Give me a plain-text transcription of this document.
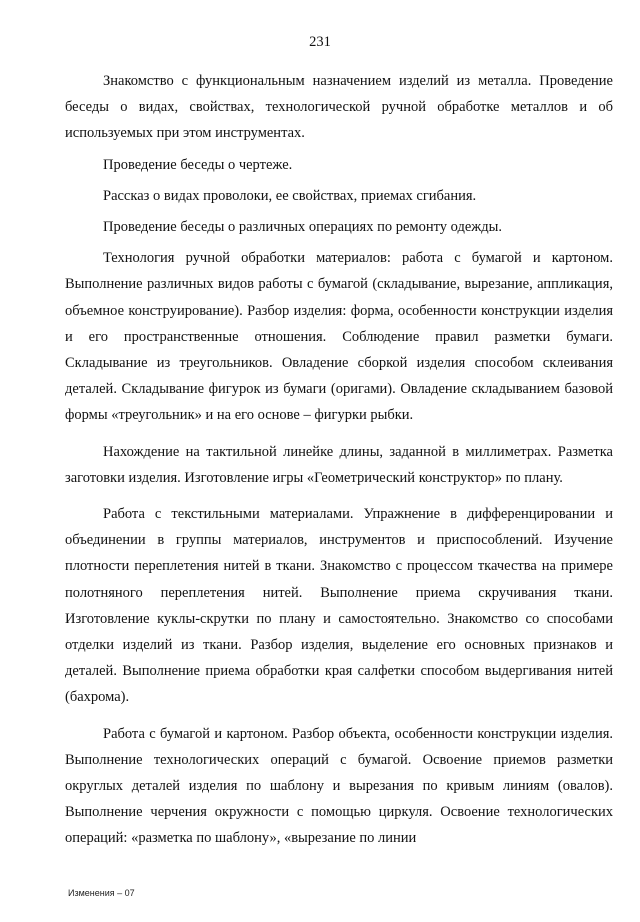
231

Знакомство с функциональным назначением изделий из металла. Проведение беседы о видах, свойствах, технологической ручной обработке металлов и об используемых при этом инструментах.

Проведение беседы о чертеже.

Рассказ о видах проволоки, ее свойствах, приемах сгибания.

Проведение беседы о различных операциях по ремонту одежды.

Технология ручной обработки материалов: работа с бумагой и картоном. Выполнение различных видов работы с бумагой (складывание, вырезание, аппликация, объемное конструирование). Разбор изделия: форма, особенности конструкции изделия и его пространственные отношения. Соблюдение правил разметки бумаги. Складывание из треугольников. Овладение сборкой изделия способом склеивания деталей. Складывание фигурок из бумаги (оригами). Овладение складыванием базовой формы «треугольник» и на его основе – фигурки рыбки.

Нахождение на тактильной линейке длины, заданной в миллиметрах. Разметка заготовки изделия. Изготовление игры «Геометрический конструктор» по плану.

Работа с текстильными материалами. Упражнение в дифференцировании и объединении в группы материалов, инструментов и приспособлений. Изучение плотности переплетения нитей в ткани. Знакомство с процессом ткачества на примере полотняного переплетения нитей. Выполнение приема скручивания ткани. Изготовление куклы-скрутки по плану и самостоятельно. Знакомство со способами отделки изделий из ткани. Разбор изделия, выделение его основных признаков и деталей. Выполнение приема обработки края салфетки способом выдергивания нитей (бахрома).

Работа с бумагой и картоном. Разбор объекта, особенности конструкции изделия. Выполнение технологических операций с бумагой. Освоение приемов разметки округлых деталей изделия по шаблону и вырезания по кривым линиям (овалов). Выполнение черчения окружности с помощью циркуля. Освоение технологических операций: «разметка по шаблону», «вырезание по линии

Изменения – 07
